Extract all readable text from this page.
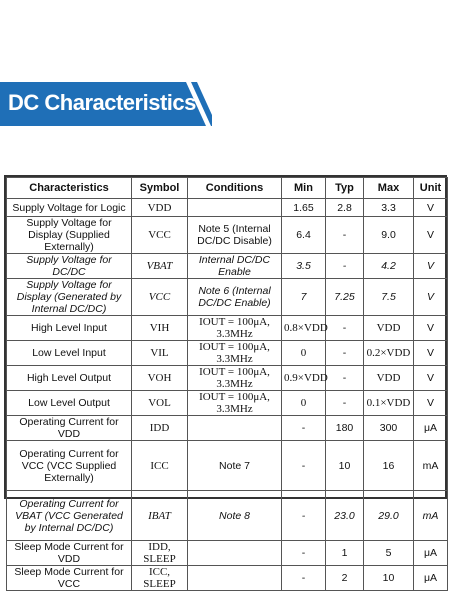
DC Characteristics
Characteristics	Symbol	Conditions	Min	Typ	Max	Unit
Supply Voltage for Logic	VDD		1.65	2.8	3.3	V
Supply Voltage for Display (Supplied Externally)	VCC	Note 5 (Internal DC/DC Disable)	6.4	-	9.0	V
Supply Voltage for DC/DC	VBAT	Internal DC/DC Enable	3.5	-	4.2	V
Supply Voltage for Display (Generated by Internal DC/DC)	VCC	Note 6 (Internal DC/DC Enable)	7	7.25	7.5	V
High Level Input	VIH	IOUT = 100μA, 3.3MHz	0.8×VDD	-	VDD	V
Low Level Input	VIL	IOUT = 100μA, 3.3MHz	0	-	0.2×VDD	V
High Level Output	VOH	IOUT = 100μA, 3.3MHz	0.9×VDD	-	VDD	V
Low Level Output	VOL	IOUT = 100μA, 3.3MHz	0	-	0.1×VDD	V
Operating Current for VDD	IDD		-	180	300	μA
Operating Current for VCC (VCC Supplied Externally)	ICC	Note 7	-	10	16	mA
Operating Current for VBAT (VCC Generated by Internal DC/DC)	IBAT	Note 8	-	23.0	29.0	mA
Sleep Mode Current for VDD	IDD, SLEEP		-	1	5	μA
Sleep Mode Current for VCC	ICC, SLEEP		-	2	10	μA
